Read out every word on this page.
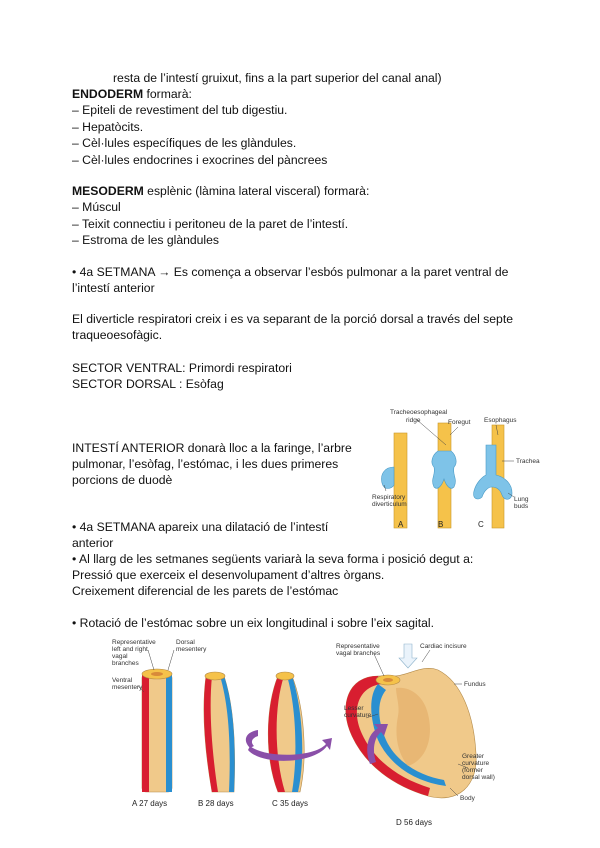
resta de l’intestí gruixut, fins a la part superior del canal anal)
ENDODERM formarà:
– Epiteli de revestiment del tub digestiu.
– Hepatòcits.
– Cèl·lules específiques de les glàndules.
– Cèl·lules endocrines i exocrines del pàncrees
MESODERM esplènic (làmina lateral visceral) formarà:
– Múscul
– Teixit connectiu i peritoneu de la paret de l’intestí.
– Estroma de les glàndules
• 4a SETMANA → Es comença a observar l’esbós pulmonar a la paret ventral de
l’intestí anterior
El diverticle respiratori creix i es va separant de la porció dorsal a través del septe
traqueoesofàgic.
SECTOR VENTRAL: Primordi respiratori
SECTOR DORSAL : Esòfag
INTESTÍ ANTERIOR donarà lloc a la faringe, l’arbre
pulmonar, l’esòfag, l’estómac, i les dues primeres
porcions de duodè
• 4a SETMANA apareix una dilatació de l’intestí
anterior
• Al llarg de les setmanes següents variarà la seva forma i posició degut a:
Pressió que exerceix el desenvolupament d’altres òrgans.
Creixement diferencial de les parets de l’estómac
• Rotació de l’estómac sobre un eix longitudinal i sobre l’eix sagital.
Tracheoesophageal
ridge	Foregut Esophagus
Trachea
Respiratory
diverticulum
Lung
buds
A	B	C
Representative
left and right
vagal
branches
Dorsal
mesentery
Ventral
mesentery
Representative
vagal branches
Cardiac incisure
Fundus
Lesser
curvature
Greater
curvature
(former
dorsal wall)
Body
A 27 days	B 28 days	C 35 days
D 56 days
